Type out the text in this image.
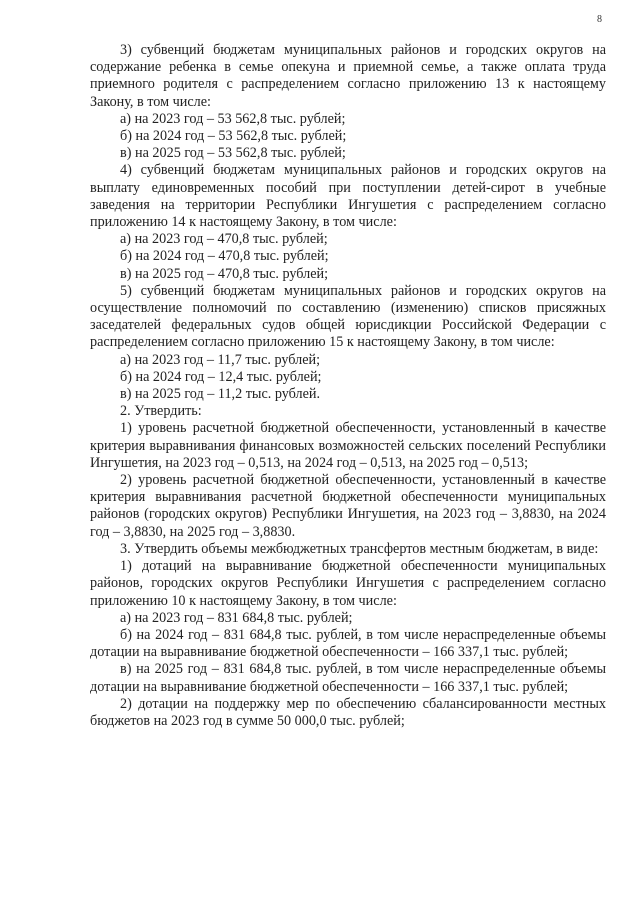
8

3) субвенций бюджетам муниципальных районов и городских округов на содержание ребенка в семье опекуна и приемной семье, а также оплата труда приемного родителя с распределением согласно приложению 13 к настоящему Закону, в том числе:

а) на 2023 год – 53 562,8 тыс. рублей;

б) на 2024 год – 53 562,8 тыс. рублей;

в) на 2025 год – 53 562,8 тыс. рублей;

4) субвенций бюджетам муниципальных районов и городских округов на выплату единовременных пособий при поступлении детей-сирот в учебные заведения на территории Республики Ингушетия с распределением согласно приложению 14 к настоящему Закону, в том числе:

а) на 2023 год – 470,8 тыс. рублей;

б) на 2024 год – 470,8 тыс. рублей;

в) на 2025 год – 470,8 тыс. рублей;

5) субвенций бюджетам муниципальных районов и городских округов на осуществление полномочий по составлению (изменению) списков присяжных заседателей федеральных судов общей юрисдикции Российской Федерации с распределением согласно приложению 15 к настоящему Закону, в том числе:

а) на 2023 год – 11,7 тыс. рублей;

б) на 2024 год – 12,4 тыс. рублей;

в) на 2025 год – 11,2 тыс. рублей.

2. Утвердить:

1) уровень расчетной бюджетной обеспеченности, установленный в качестве критерия выравнивания финансовых возможностей сельских поселений Республики Ингушетия, на 2023 год – 0,513, на 2024 год – 0,513, на 2025 год – 0,513;

2) уровень расчетной бюджетной обеспеченности, установленный в качестве критерия выравнивания расчетной бюджетной обеспеченности муниципальных районов (городских округов) Республики Ингушетия, на 2023 год – 3,8830, на 2024 год – 3,8830, на 2025 год – 3,8830.

3. Утвердить объемы межбюджетных трансфертов местным бюджетам, в виде:

1) дотаций на выравнивание бюджетной обеспеченности муниципальных районов, городских округов Республики Ингушетия с распределением согласно приложению 10 к настоящему Закону, в том числе:

а) на 2023 год – 831 684,8 тыс. рублей;

б) на 2024 год – 831 684,8 тыс. рублей, в том числе нераспределенные объемы дотации на выравнивание бюджетной обеспеченности – 166 337,1 тыс. рублей;

в) на 2025 год – 831 684,8 тыс. рублей, в том числе нераспределенные объемы дотации на выравнивание бюджетной обеспеченности – 166 337,1 тыс. рублей;

2) дотации на поддержку мер по обеспечению сбалансированности местных бюджетов на 2023 год в сумме 50 000,0 тыс. рублей;
